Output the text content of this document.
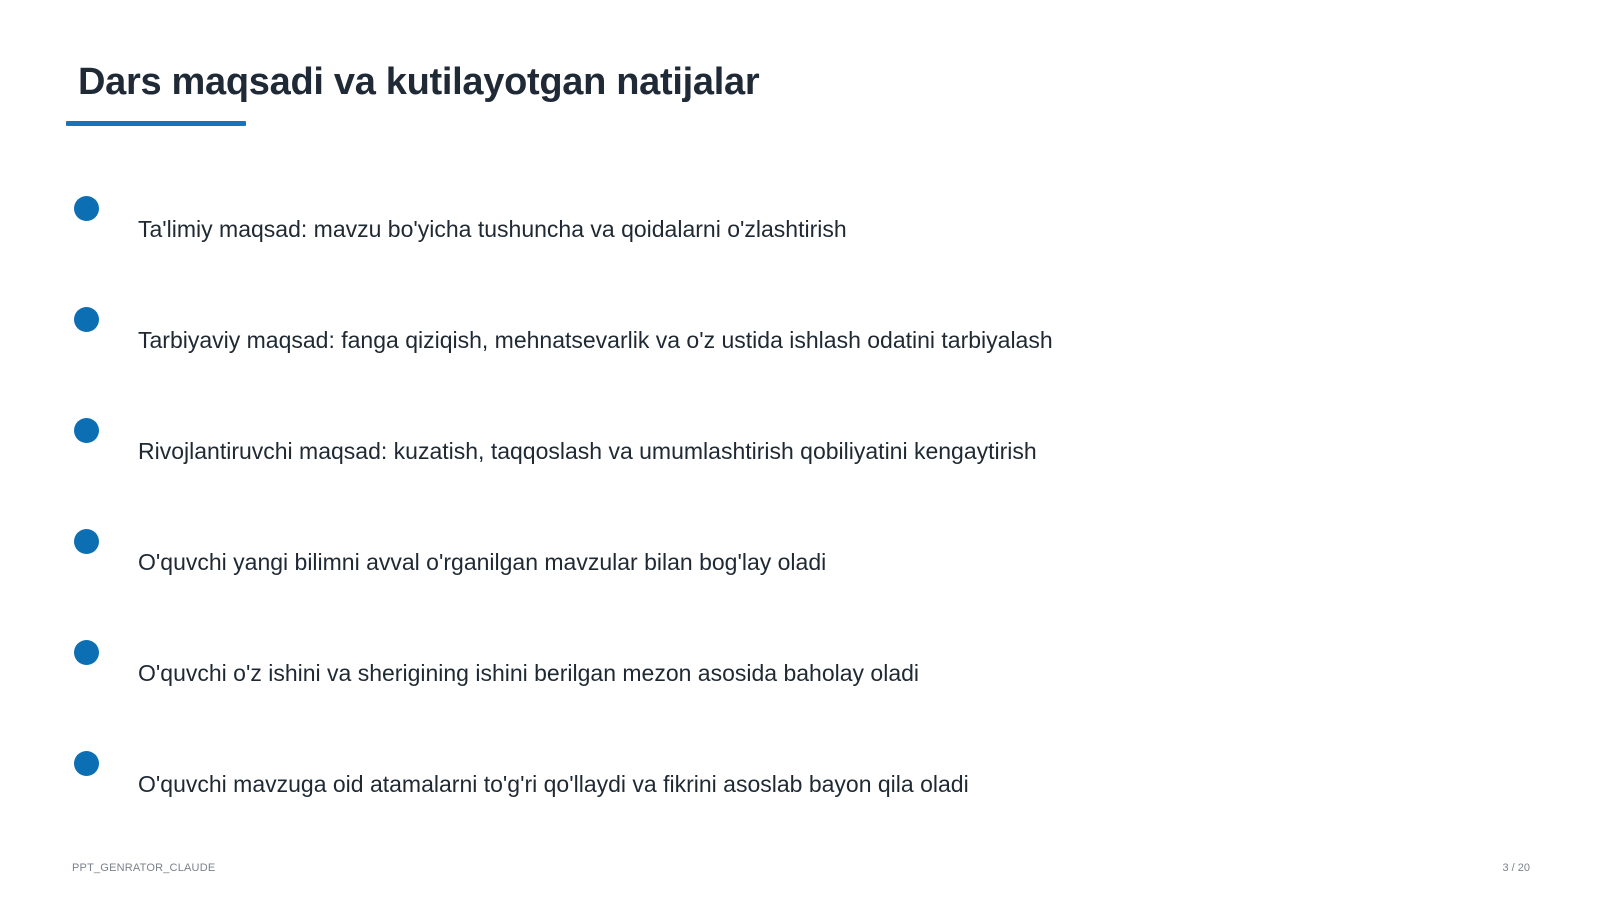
Dars maqsadi va kutilayotgan natijalar
Ta'limiy maqsad: mavzu bo'yicha tushuncha va qoidalarni o'zlashtirish
Tarbiyaviy maqsad: fanga qiziqish, mehnatsevarlik va o'z ustida ishlash odatini tarbiyalash
Rivojlantiruvchi maqsad: kuzatish, taqqoslash va umumlashtirish qobiliyatini kengaytirish
O'quvchi yangi bilimni avval o'rganilgan mavzular bilan bog'lay oladi
O'quvchi o'z ishini va sherigining ishini berilgan mezon asosida baholay oladi
O'quvchi mavzuga oid atamalarni to'g'ri qo'llaydi va fikrini asoslab bayon qila oladi
PPT_GENRATOR_CLAUDE	3 / 20
